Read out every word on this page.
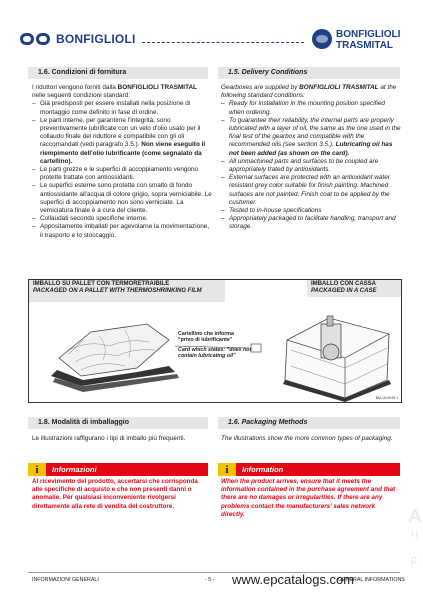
BONFIGLIOLI	BONFIGLIOLI
TRASMITAL
1.6. Condizioni di fornitura	1.5. Delivery Conditions

I riduttori vengono forniti dalla BONFIGLIOLI TRASMITAL nelle seguenti condizioni standard:

– Già predisposti per essere installati nella posizione di montaggio come definito in fase di ordine.
– Le parti interne, per garantirne l'integrità, sono preventivamente lubrificate con un velo d'olio usato per il collaudo finale del riduttore e compatibile con gli oli raccomandati (vedi paragrafo 3.5.). Non viene eseguito il riempimento dell'olio lubrificante (come segnalato da cartellino).
– Le parti grezze e le superfici di accoppiamento vengono protette trattate con antiossidanti.
– Le superfici esterne sono protette con smalto di fondo antiossidante all'acqua di colore grigio, sopra verniciabile. Le superfici di accoppiamento non sono verniciate. La verniciatura finale è a cura del cliente.
– Collaudati secondo specifiche interne.
– Appositamente imballati per agevolarne la movimentazione, il trasporto e lo stoccaggio.

Gearboxes are supplied by BONFIGLIOLI TRASMITAL at the following standard conditions:

– Ready for installation in the mounting position specified when ordering.
– To guarantee their reliability, the internal parts are properly lubricated with a layer of oil, the same as the one used in the final test of the gearbox and compatible with the recommended oils (see section 3.5.). Lubricating oil has not been added (as shown on the card).
– All unmachined parts and surfaces to be coupled are appropriately trated by antioxidants.
– External surfaces are protected with an antioxidant water resistant grey color suitable for finish painting. Machined surfaces are not painted. Finish coat to be applied by the customer.
– Tested to in-house specifications
– Appropriately packaged to facilitate handling, transport and storage.
IMBALLO SU PALLET CON TERMORETRAIBILE
PACKAGED ON A PALLET WITH THERMOSHRINKING FILM
IMBALLO CON CASSA
PACKAGED IN A CASE
Cartellino che informa
“privo di lubrificante”
Card which states: “does not
contain lubricating oil”
BM-16.05.99.1
1.8. Modalità di imballaggio	1.6. Packaging Methods
Le illustrazioni raffigurano i tipi di imballo più frequenti.	The illustrations show the more common types of packaging.
i	Informazioni	i	Information
Al ricevimento del prodotto, accertarsi che corrisponda alle specifiche di acquisto e che non presenti danni o anomalie. Per qualsiasi inconveniente rivolgersi direttamente alla rete di vendita del costruttore.
When the product arrives, ensure that it meets the information contained in the purchase agreement and that there are no damages or irregularities. If there are any problems contact the manufacturers' sales network directly.	A
Ч
р
INFORMAZIONI GENERALI	- 5 - www.epcatalogs.com
GENERAL INFORMATIONS
